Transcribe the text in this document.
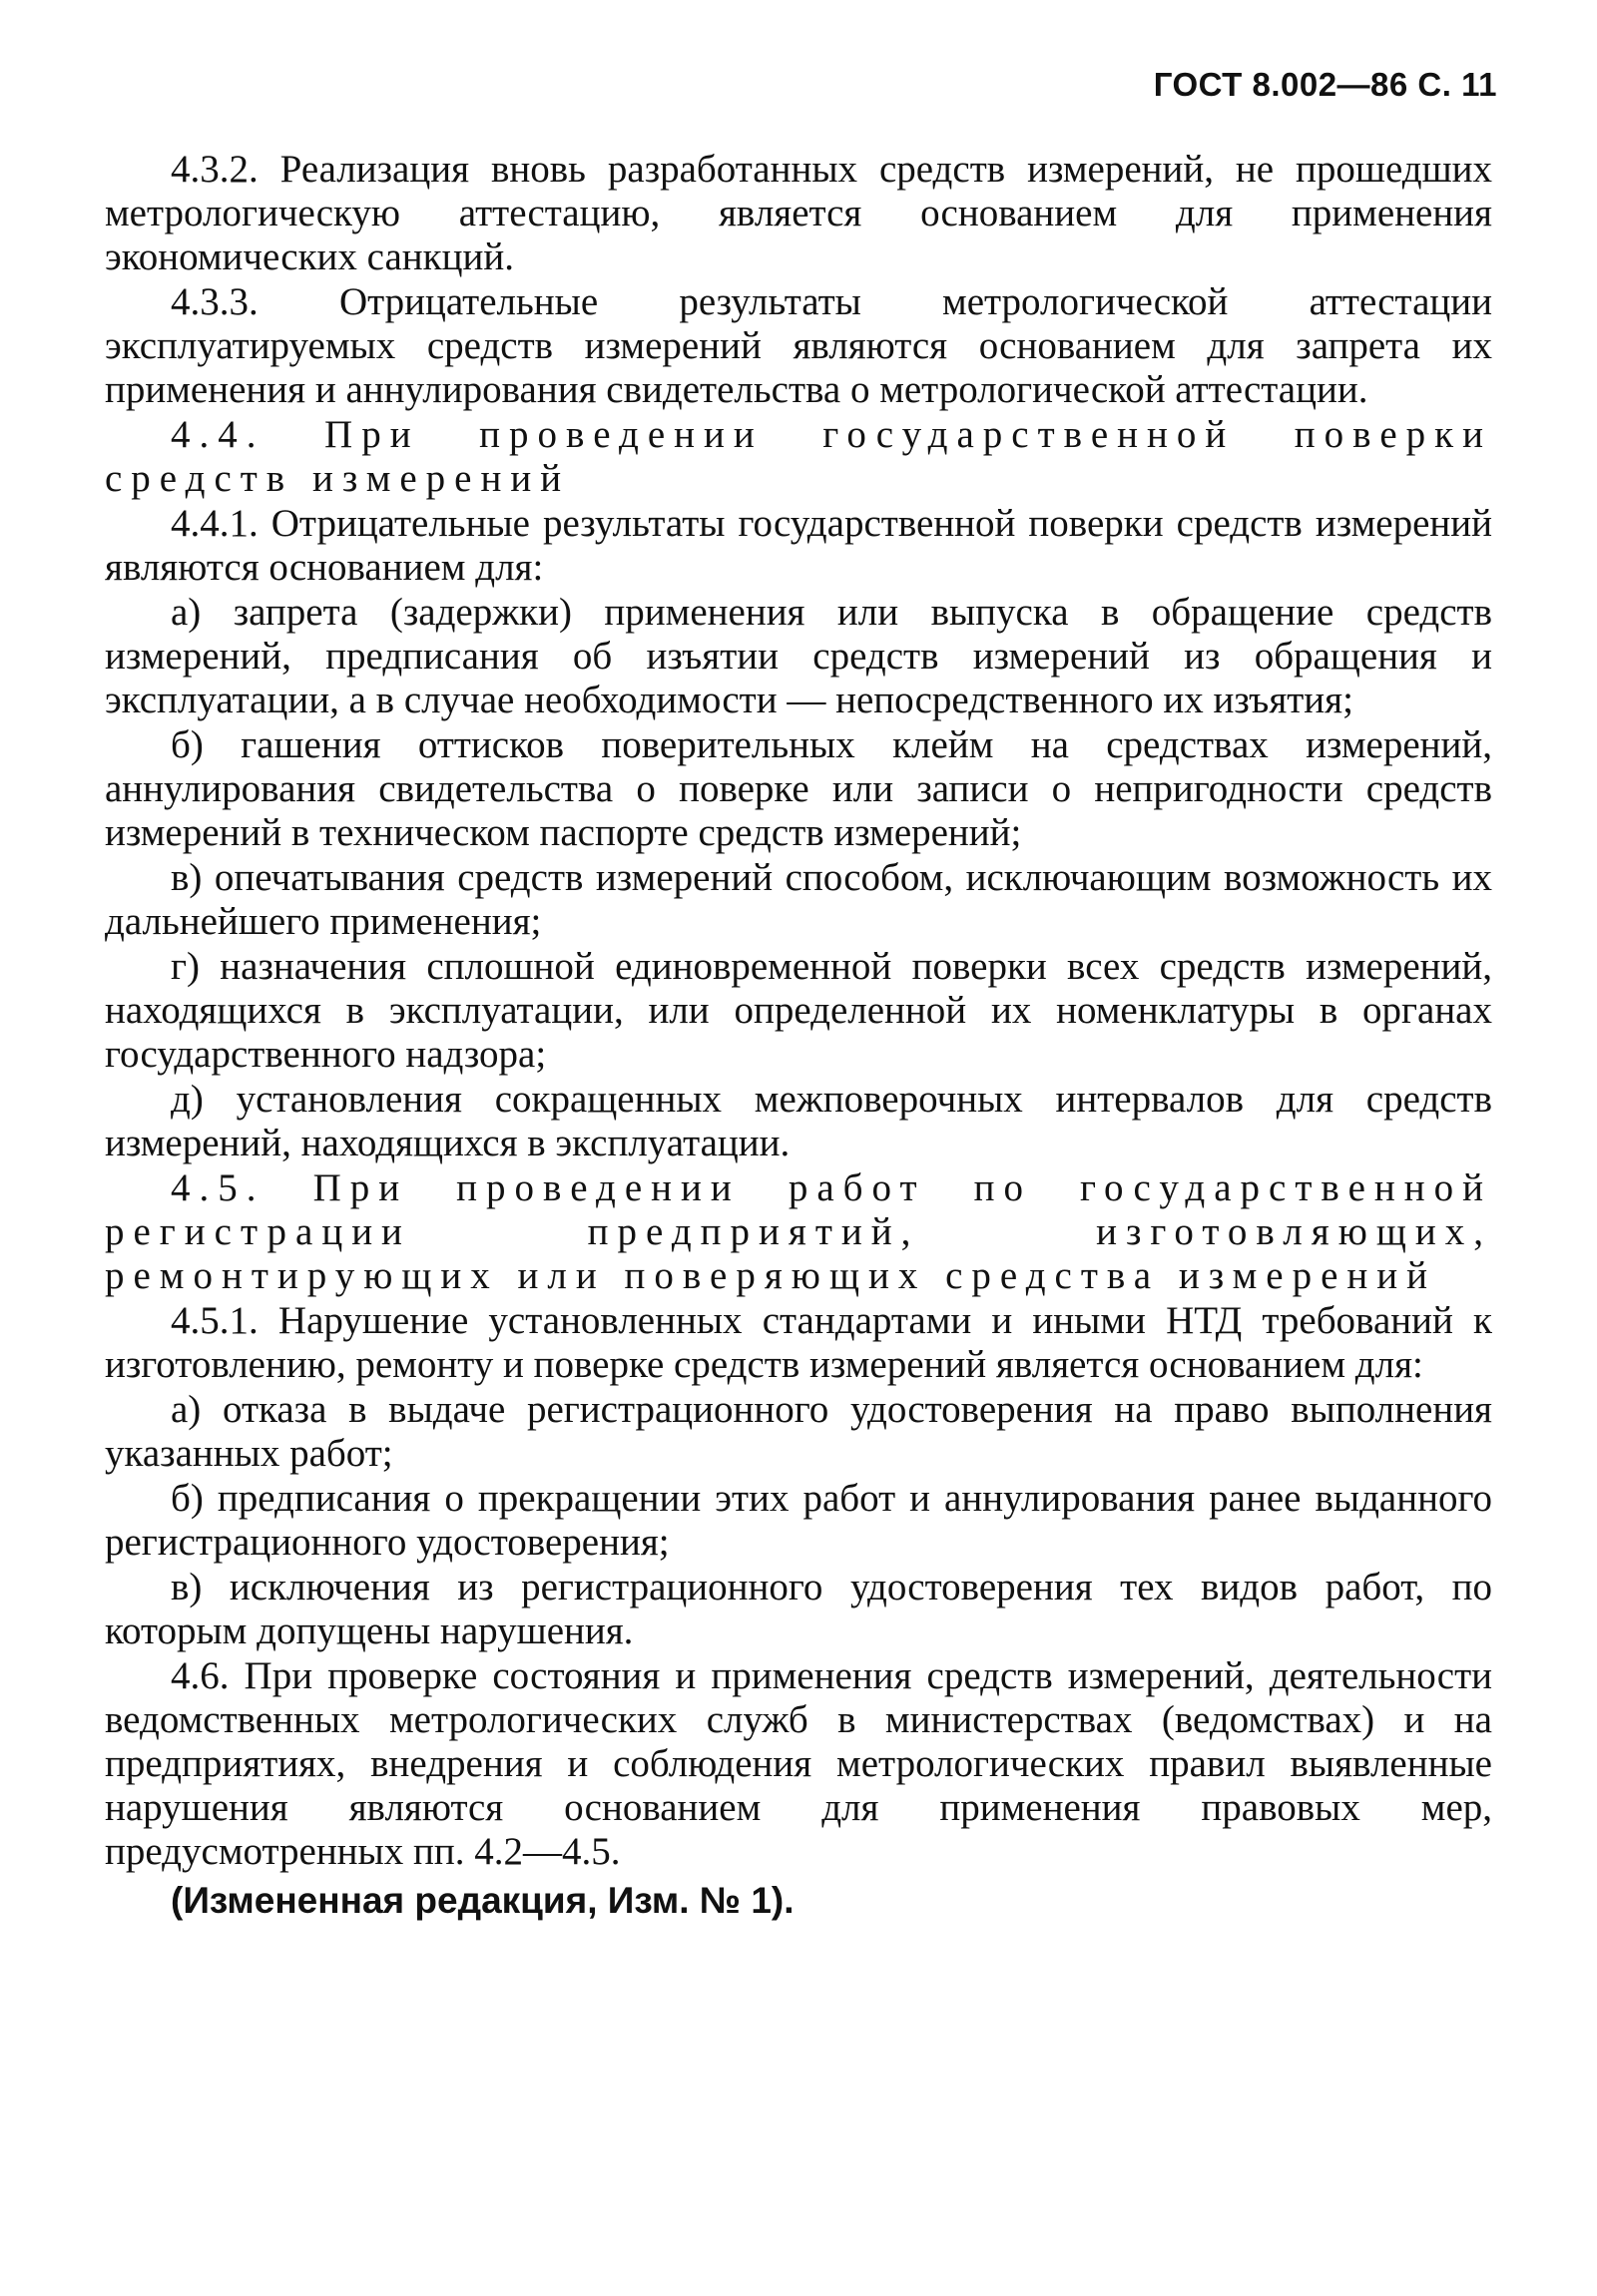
ГОСТ 8.002—86 С. 11

4.3.2. Реализация вновь разработанных средств измерений, не прошедших метрологическую аттестацию, является основанием для применения экономических санкций.

4.3.3. Отрицательные результаты метрологической аттестации эксплуатируемых средств измерений являются основанием для запрета их применения и аннулирования свидетельства о метрологической аттестации.

4.4. При проведении государственной поверки средств измерений

4.4.1. Отрицательные результаты государственной поверки средств измерений являются основанием для:

а) запрета (задержки) применения или выпуска в обращение средств измерений, предписания об изъятии средств измерений из обращения и эксплуатации, а в случае необходимости — непосредственного их изъятия;

б) гашения оттисков поверительных клейм на средствах измерений, аннулирования свидетельства о поверке или записи о непригодности средств измерений в техническом паспорте средств измерений;

в) опечатывания средств измерений способом, исключающим возможность их дальнейшего применения;

г) назначения сплошной единовременной поверки всех средств измерений, находящихся в эксплуатации, или определенной их номенклатуры в органах государственного надзора;

д) установления сокращенных межповерочных интервалов для средств измерений, находящихся в эксплуатации.

4.5. При проведении работ по государственной регистрации предприятий, изготовляющих, ремонтирующих или поверяющих средства измерений

4.5.1. Нарушение установленных стандартами и иными НТД требований к изготовлению, ремонту и поверке средств измерений является основанием для:

а) отказа в выдаче регистрационного удостоверения на право выполнения указанных работ;

б) предписания о прекращении этих работ и аннулирования ранее выданного регистрационного удостоверения;

в) исключения из регистрационного удостоверения тех видов работ, по которым допущены нарушения.

4.6. При проверке состояния и применения средств измерений, деятельности ведомственных метрологических служб в министерствах (ведомствах) и на предприятиях, внедрения и соблюдения метрологических правил выявленные нарушения являются основанием для применения правовых мер, предусмотренных пп. 4.2—4.5.

(Измененная редакция, Изм. № 1).
